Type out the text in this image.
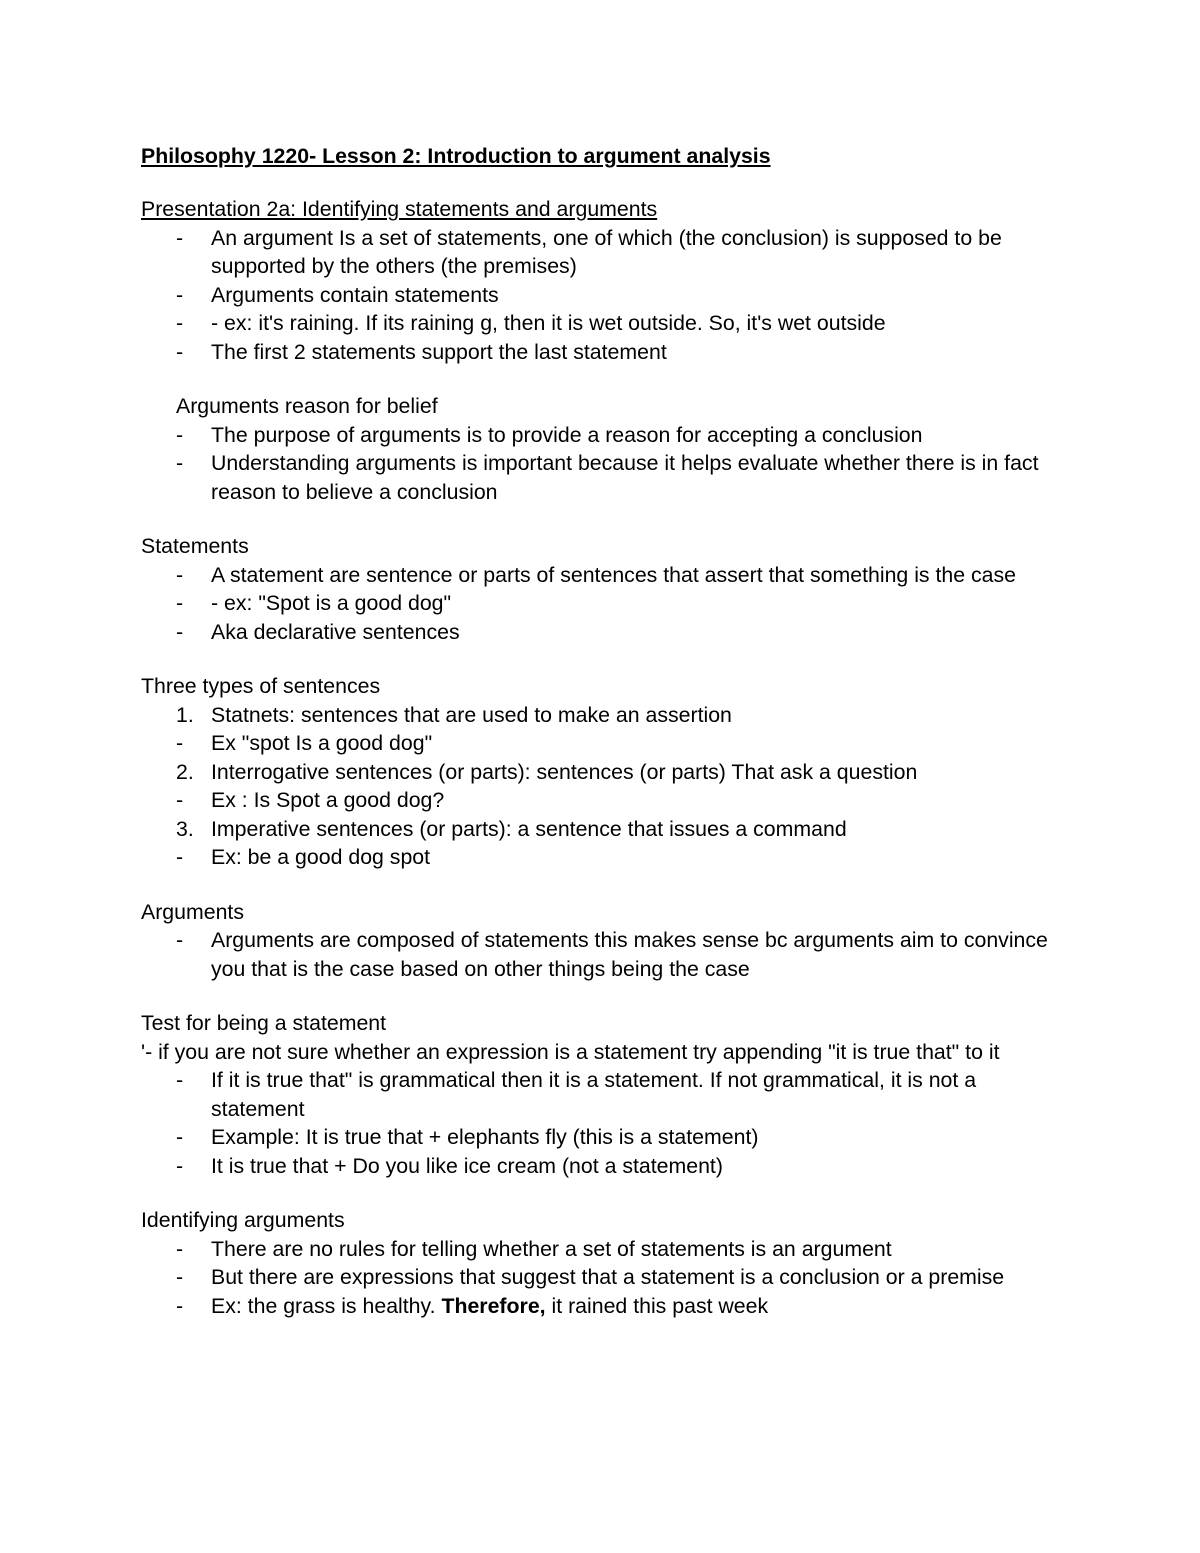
Philosophy 1220- Lesson 2: Introduction to argument analysis
Presentation 2a: Identifying statements and arguments
- An argument Is a set of statements, one of which (the conclusion) is supposed to be supported by the others (the premises)
- Arguments contain statements
- - ex: it's raining. If its raining g, then it is wet outside. So, it's wet outside
- The first 2 statements support the last statement
Arguments reason for belief
- The purpose of arguments is to provide a reason for accepting a conclusion
- Understanding arguments is important because it helps evaluate whether there is in fact reason to believe a conclusion
Statements
- A statement are sentence or parts of sentences that assert that something is the case
- - ex: "Spot is a good dog"
- Aka declarative sentences
Three types of sentences
1. Statnets: sentences that are used to make an assertion
- Ex "spot Is a good dog"
2. Interrogative sentences (or parts): sentences (or parts) That ask a question
- Ex : Is Spot a good dog?
3. Imperative sentences (or parts): a sentence that issues a command
- Ex: be a good dog spot
Arguments
- Arguments are composed of statements this makes sense bc arguments aim to convince you that is the case based on other things being the case
Test for being a statement
'- if you are not sure whether an expression is a statement try appending "it is true that" to it
- If it is true that" is grammatical then it is a statement. If not grammatical, it is not a statement
- Example: It is true that + elephants fly (this is a statement)
- It is true that + Do you like ice cream (not a statement)
Identifying arguments
- There are no rules for telling whether a set of statements is an argument
- But there are expressions that suggest that a statement is a conclusion or a premise
- Ex: the grass is healthy. Therefore, it rained this past week
